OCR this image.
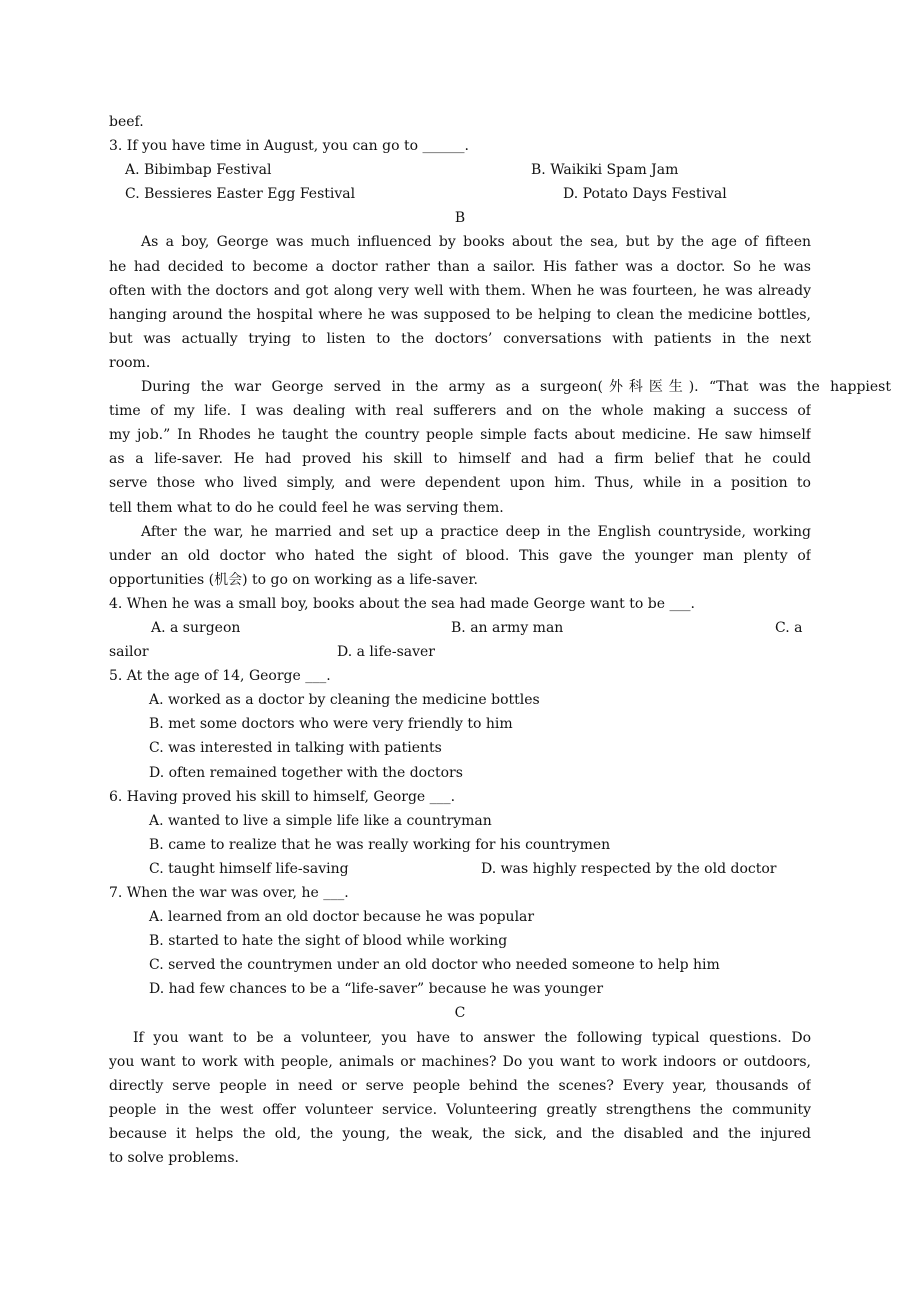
beef.
3. If you have time in August, you can go to ______.
A. Bibimbap Festival	B. Waikiki Spam Jam
C. Bessieres Easter Egg Festival	D. Potato Days Festival
B
As a boy, George was much influenced by books about the sea, but by the age of fifteen
he had decided to become a doctor rather than a sailor. His father was a doctor. So he was
often with the doctors and got along very well with them. When he was fourteen, he was already
hanging around the hospital where he was supposed to be helping to clean the medicine bottles,
but was actually trying to listen to the doctors’ conversations with patients in the next
room.
During the war George served in the army as a surgeon(外科医生). “That was the happiest
time of my life. I was dealing with real sufferers and on the whole making a success of
my job.” In Rhodes he taught the country people simple facts about medicine. He saw himself
as a life-saver. He had proved his skill to himself and had a firm belief that he could
serve those who lived simply, and were dependent upon him. Thus, while in a position to
tell them what to do he could feel he was serving them.
After the war, he married and set up a practice deep in the English countryside, working
under an old doctor who hated the sight of blood. This gave the younger man plenty of
opportunities (机会) to go on working as a life-saver.
4. When he was a small boy, books about the sea had made George want to be ___.
A. a surgeon	B. an army man	C. a
sailor	D. a life-saver
5. At the age of 14, George ___.
A. worked as a doctor by cleaning the medicine bottles
B. met some doctors who were very friendly to him
C. was interested in talking with patients
D. often remained together with the doctors
6. Having proved his skill to himself, George ___.
A. wanted to live a simple life like a countryman
B. came to realize that he was really working for his countrymen
C. taught himself life-saving	D. was highly respected by the old doctor
7. When the war was over, he ___.
A. learned from an old doctor because he was popular
B. started to hate the sight of blood while working
C. served the countrymen under an old doctor who needed someone to help him
D. had few chances to be a “life-saver” because he was younger
C
If you want to be a volunteer, you have to answer the following typical questions. Do
you want to work with people, animals or machines? Do you want to work indoors or outdoors,
directly serve people in need or serve people behind the scenes? Every year, thousands of
people in the west offer volunteer service. Volunteering greatly strengthens the community
because it helps the old, the young, the weak, the sick, and the disabled and the injured
to solve problems.
